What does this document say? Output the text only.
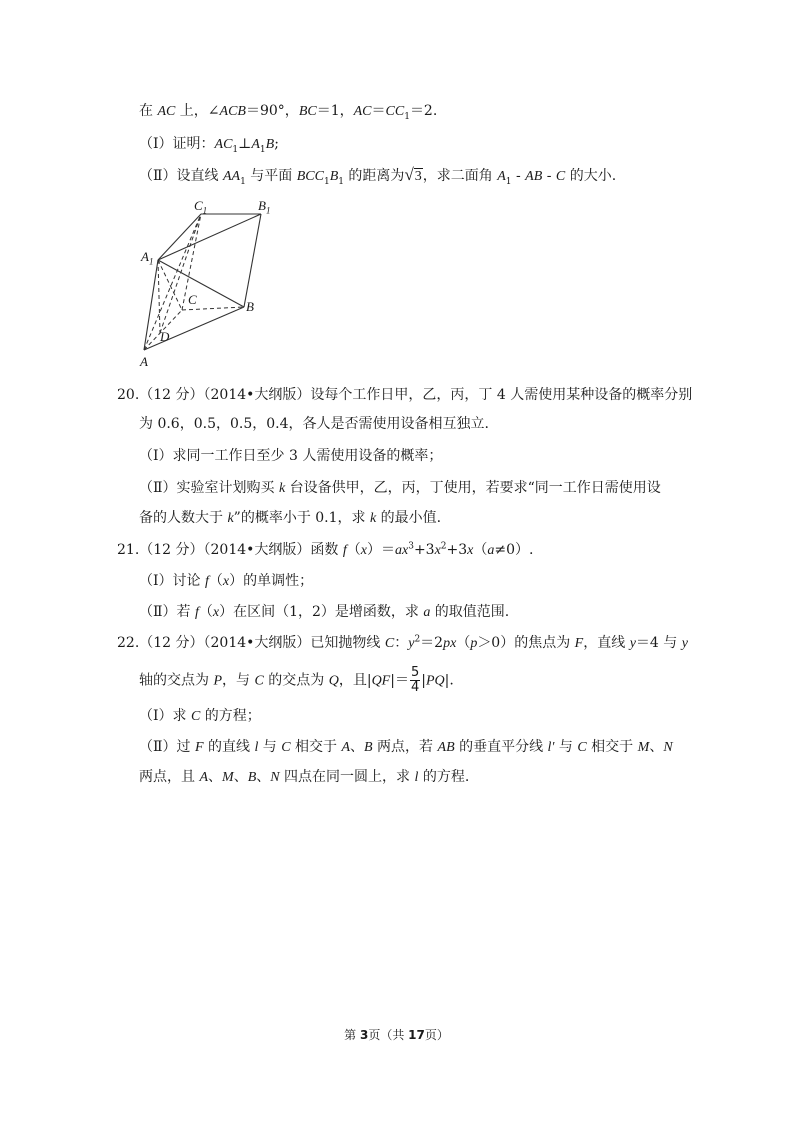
在 AC 上，∠ACB＝90°，BC＝1，$AC=CC_1=2$.
（Ⅰ）证明：$AC_1\perp A_1B$;
（Ⅱ）设直线 $AA_1$ 与平面 $BCC_1B_1$ 的距离为√3，求二面角 $A_1$ - AB - C 的大小.
$C_1$	$B_1$
$A_1$
C	B
D
A
20.（12 分）（2014•大纲版）设每个工作日甲，乙，丙，丁 4 人需使用某种设备的概率分别
为 0.6，0.5，0.5，0.4，各人是否需使用设备相互独立.
（Ⅰ）求同一工作日至少 3 人需使用设备的概率；
（Ⅱ）实验室计划购买 k 台设备供甲，乙，丙，丁使用，若要求“同一工作日需使用设
备的人数大于 k”的概率小于 0.1，求 k 的最小值.
21.（12 分）（2014•大纲版）函数 $f(x)=ax^3+3x^2+3x(a\ne 0)$.
（Ⅰ）讨论 f（x）的单调性；
（Ⅱ）若 f（x）在区间（1，2）是增函数，求 a 的取值范围.
22.（12 分）（2014•大纲版）已知抛物线 C：$y^2=2px(p>0)$的焦点为 F，直线 y＝4 与 y
轴的交点为 P，与 C 的交点为 Q，且$|QF|= \frac{5}{4} |PQ|$.
（Ⅰ）求 C 的方程；
（Ⅱ）过 F 的直线 l 与 C 相交于 A、B 两点，若 AB 的垂直平分线 l′ 与 C 相交于 M、N
两点，且 A、M、B、N 四点在同一圆上，求 l 的方程.
第 3页（共 17页）
